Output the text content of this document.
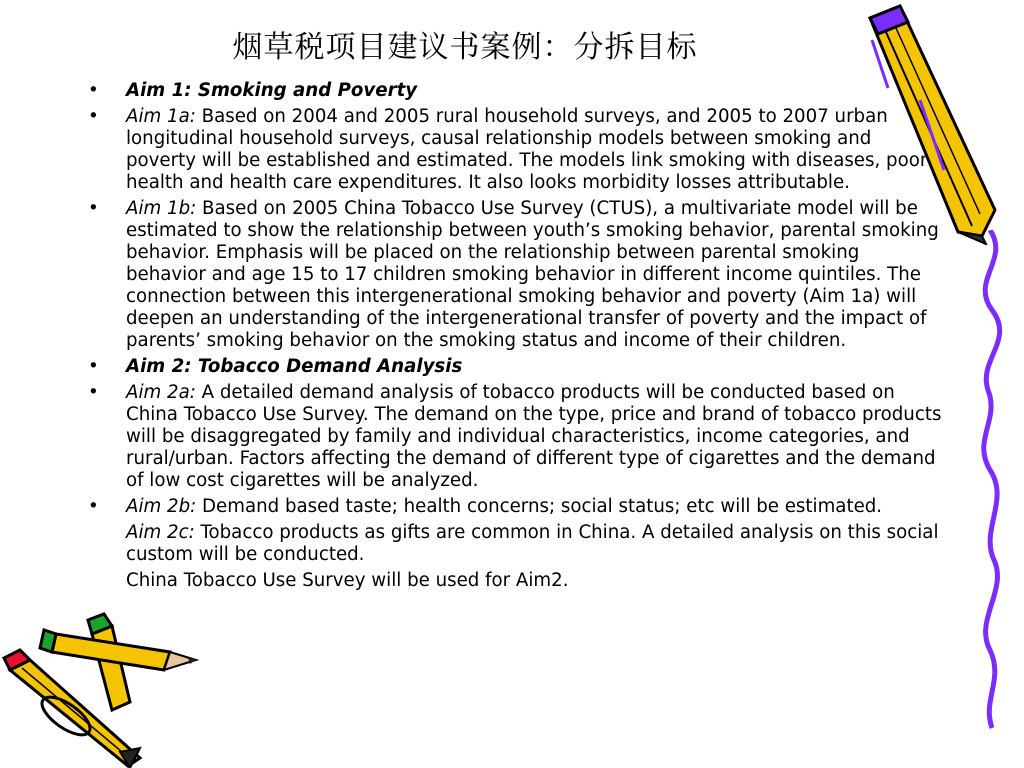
烟草税项目建议书案例：分拆目标
• Aim 1: Smoking and Poverty
• Aim 1a: Based on 2004 and 2005 rural household surveys, and 2005 to 2007 urban longitudinal household surveys, causal relationship models between smoking and poverty will be established and estimated. The models link smoking with diseases, poor health and health care expenditures. It also looks morbidity losses attributable.
• Aim 1b: Based on 2005 China Tobacco Use Survey (CTUS), a multivariate model will be estimated to show the relationship between youth’s smoking behavior, parental smoking behavior. Emphasis will be placed on the relationship between parental smoking behavior and age 15 to 17 children smoking behavior in different income quintiles. The connection between this intergenerational smoking behavior and poverty (Aim 1a) will deepen an understanding of the intergenerational transfer of poverty and the impact of parents’ smoking behavior on the smoking status and income of their children.
• Aim 2: Tobacco Demand Analysis
• Aim 2a: A detailed demand analysis of tobacco products will be conducted based on China Tobacco Use Survey. The demand on the type, price and brand of tobacco products will be disaggregated by family and individual characteristics, income categories, and rural/urban. Factors affecting the demand of different type of cigarettes and the demand of low cost cigarettes will be analyzed.
• Aim 2b: Demand based taste; health concerns; social status; etc will be estimated.
Aim 2c: Tobacco products as gifts are common in China. A detailed analysis on this social custom will be conducted.
China Tobacco Use Survey will be used for Aim2.
